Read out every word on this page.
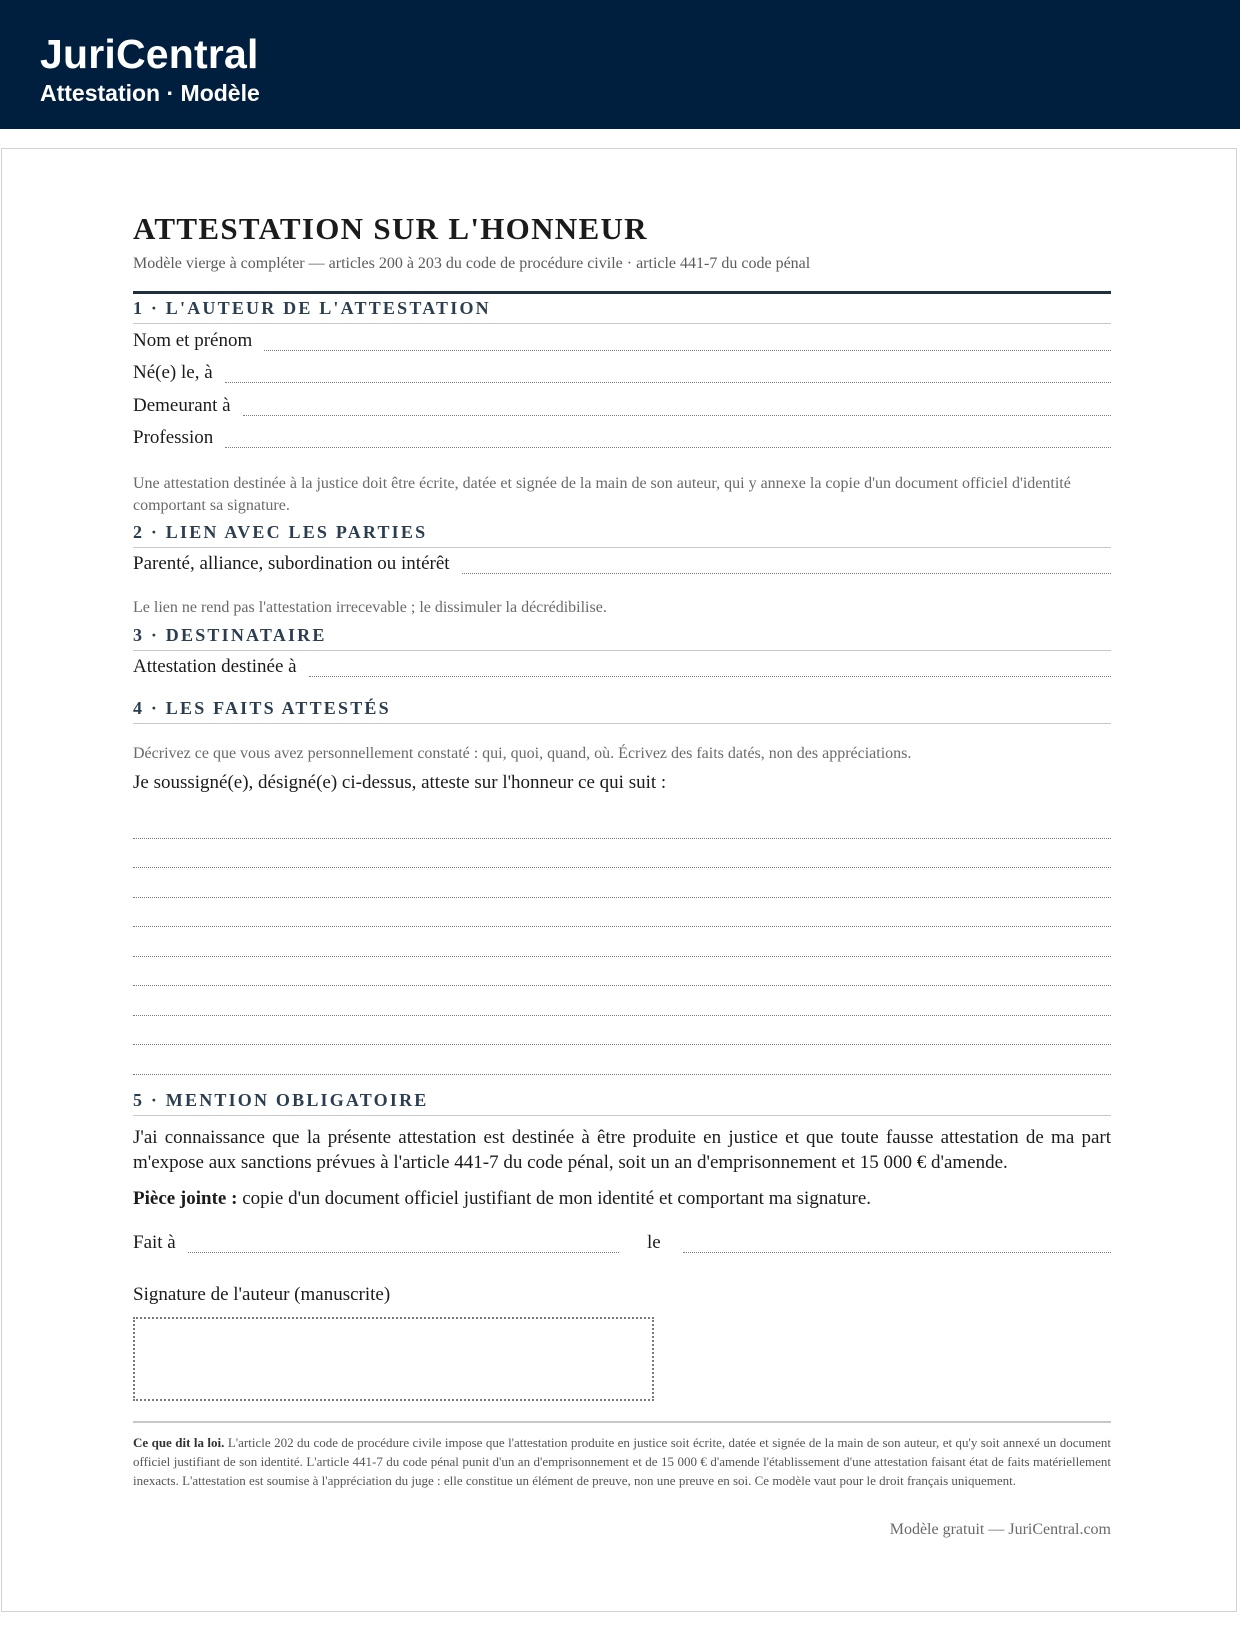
JuriCentral
Attestation · Modèle
ATTESTATION SUR L'HONNEUR
Modèle vierge à compléter — articles 200 à 203 du code de procédure civile · article 441-7 du code pénal
1 · L'AUTEUR DE L'ATTESTATION
Nom et prénom
Né(e) le, à
Demeurant à
Profession
Une attestation destinée à la justice doit être écrite, datée et signée de la main de son auteur, qui y annexe la copie d'un document officiel d'identité comportant sa signature.
2 · LIEN AVEC LES PARTIES
Parenté, alliance, subordination ou intérêt
Le lien ne rend pas l'attestation irrecevable ; le dissimuler la décrédibilise.
3 · DESTINATAIRE
Attestation destinée à
4 · LES FAITS ATTESTÉS
Décrivez ce que vous avez personnellement constaté : qui, quoi, quand, où. Écrivez des faits datés, non des appréciations.
Je soussigné(e), désigné(e) ci-dessus, atteste sur l'honneur ce qui suit :
5 · MENTION OBLIGATOIRE
J'ai connaissance que la présente attestation est destinée à être produite en justice et que toute fausse attestation de ma part m'expose aux sanctions prévues à l'article 441-7 du code pénal, soit un an d'emprisonnement et 15 000 € d'amende.
Pièce jointe : copie d'un document officiel justifiant de mon identité et comportant ma signature.
Fait à	le
Signature de l'auteur (manuscrite)
Ce que dit la loi. L'article 202 du code de procédure civile impose que l'attestation produite en justice soit écrite, datée et signée de la main de son auteur, et qu'y soit annexé un document officiel justifiant de son identité. L'article 441-7 du code pénal punit d'un an d'emprisonnement et de 15 000 € d'amende l'établissement d'une attestation faisant état de faits matériellement inexacts. L'attestation est soumise à l'appréciation du juge : elle constitue un élément de preuve, non une preuve en soi. Ce modèle vaut pour le droit français uniquement.
Modèle gratuit — JuriCentral.com
